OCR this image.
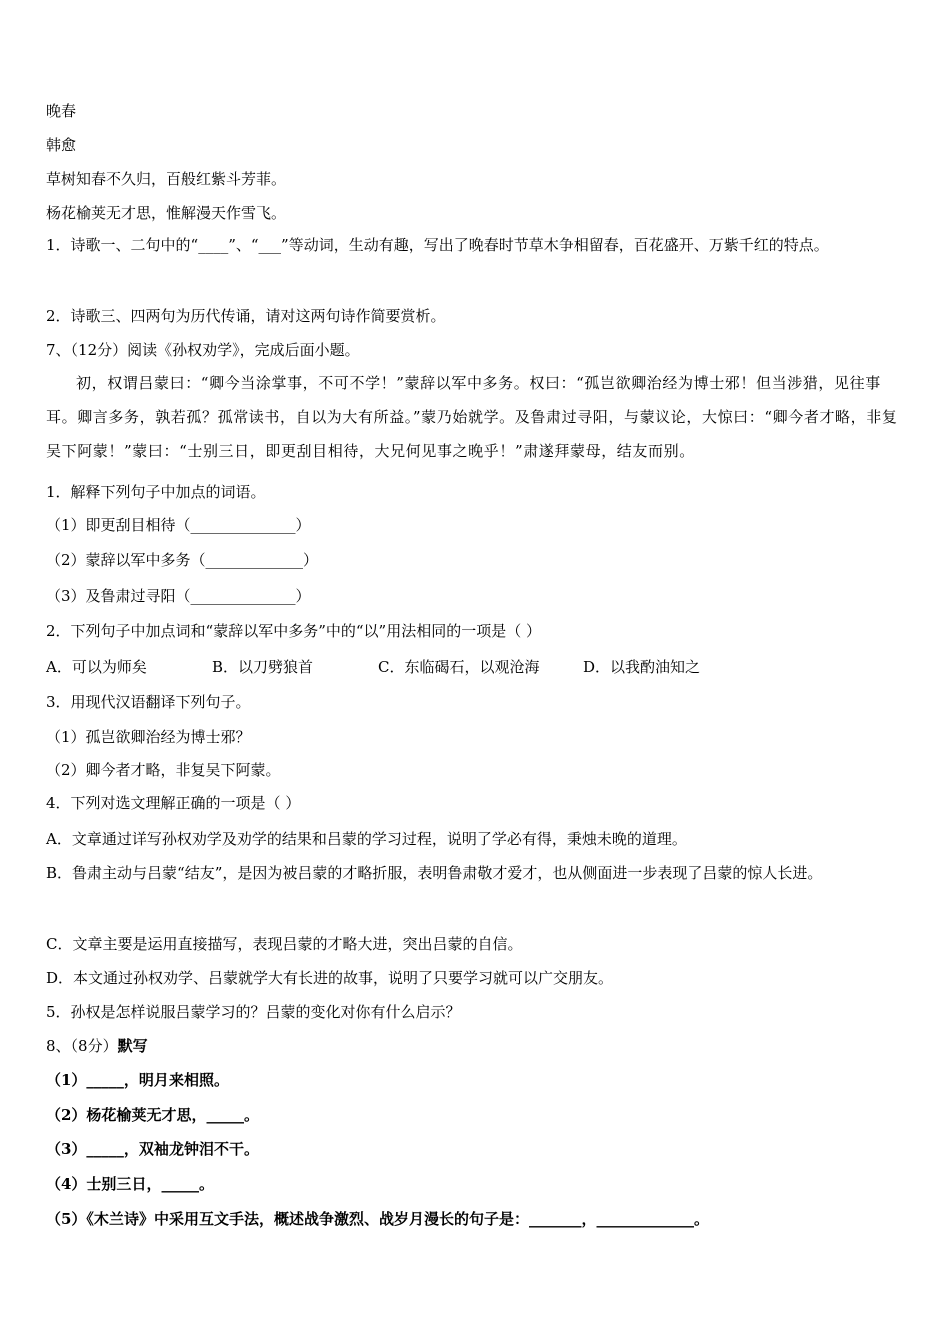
晚春
韩愈
草树知春不久归，百般红紫斗芳菲。
杨花榆荚无才思，惟解漫天作雪飞。
1．诗歌一、二句中的“____”、“___”等动词，生动有趣，写出了晚春时节草木争相留春，百花盛开、万紫千红的特点。
2．诗歌三、四两句为历代传诵，请对这两句诗作简要赏析。
7、（12分）阅读《孙权劝学》，完成后面小题。
初，权谓吕蒙曰：“卿今当涂掌事，不可不学！”蒙辞以军中多务。权曰：“孤岂欲卿治经为博士邪！但当涉猎，见往事耳。卿言多务，孰若孤？孤常读书，自以为大有所益。”蒙乃始就学。及鲁肃过寻阳，与蒙议论，大惊曰：“卿今者才略，非复吴下阿蒙！”蒙曰：“士别三日，即更刮目相待，大兄何见事之晚乎！”肃遂拜蒙母，结友而别。
1．解释下列句子中加点的词语。
（1）即更刮目相待（______________）
（2）蒙辞以军中多务（_____________）
（3）及鲁肃过寻阳（______________）
2．下列句子中加点词和“蒙辞以军中多务”中的“以”用法相同的一项是（ ）
A．可以为师矣	B．以刀劈狼首	C．东临碣石，以观沧海	D．以我酌油知之
3．用现代汉语翻译下列句子。
（1）孤岂欲卿治经为博士邪？
（2）卿今者才略，非复吴下阿蒙。
4．下列对选文理解正确的一项是（ ）
A．文章通过详写孙权劝学及劝学的结果和吕蒙的学习过程，说明了学必有得，秉烛未晚的道理。
B．鲁肃主动与吕蒙“结友”，是因为被吕蒙的才略折服，表明鲁肃敬才爱才，也从侧面进一步表现了吕蒙的惊人长进。
C．文章主要是运用直接描写，表现吕蒙的才略大进，突出吕蒙的自信。
D．本文通过孙权劝学、吕蒙就学大有长进的故事，说明了只要学习就可以广交朋友。
5．孙权是怎样说服吕蒙学习的？吕蒙的变化对你有什么启示？
8、（8分）默写
（1）_____，明月来相照。
（2）杨花榆荚无才思，_____。
（3）_____，双袖龙钟泪不干。
（4）士别三日，_____。
（5）《木兰诗》中采用互文手法，概述战争激烈、战岁月漫长的句子是：_______，_____________。
